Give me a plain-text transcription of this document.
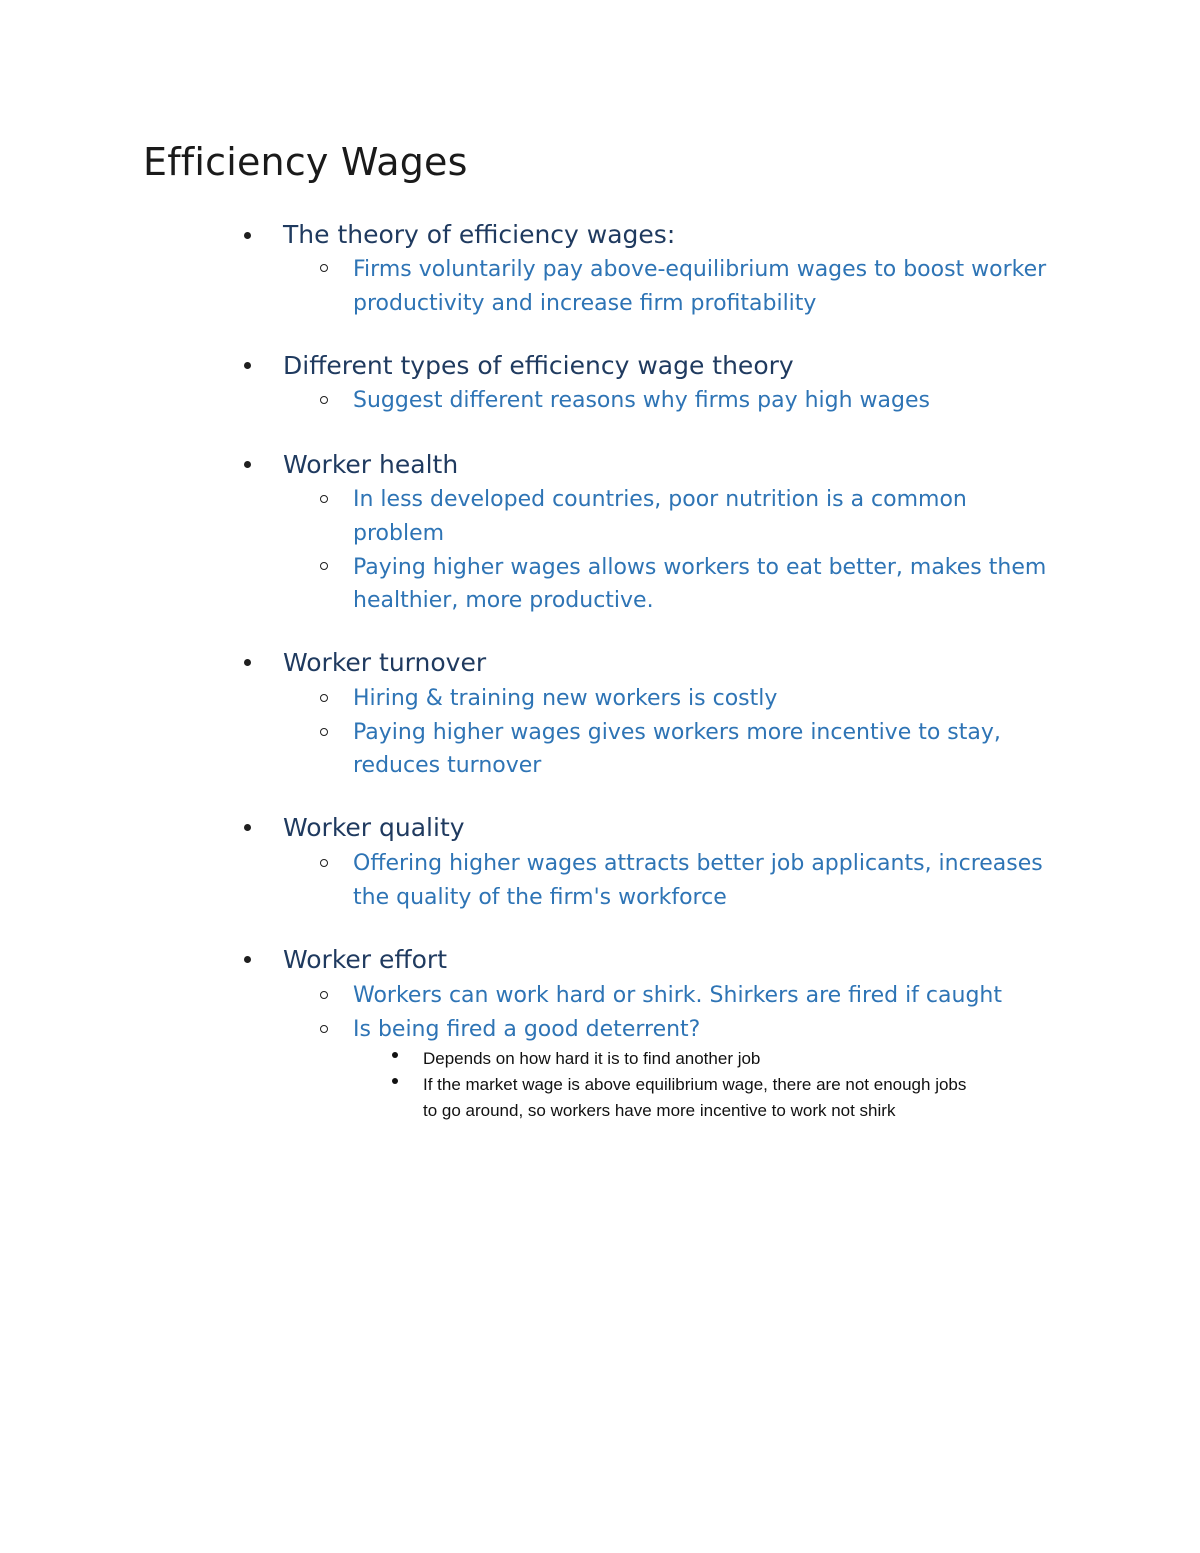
Efficiency Wages
The theory of efficiency wages:
Firms voluntarily pay above-equilibrium wages to boost worker
productivity and increase firm profitability
Different types of efficiency wage theory
Suggest different reasons why firms pay high wages
Worker health
In less developed countries, poor nutrition is a common
problem
Paying higher wages allows workers to eat better, makes them
healthier, more productive.
Worker turnover
Hiring & training new workers is costly
Paying higher wages gives workers more incentive to stay,
reduces turnover
Worker quality
Offering higher wages attracts better job applicants, increases
the quality of the firm's workforce
Worker effort
Workers can work hard or shirk. Shirkers are fired if caught
Is being fired a good deterrent?
Depends on how hard it is to find another job
If the market wage is above equilibrium wage, there are not enough jobs
to go around, so workers have more incentive to work not shirk
